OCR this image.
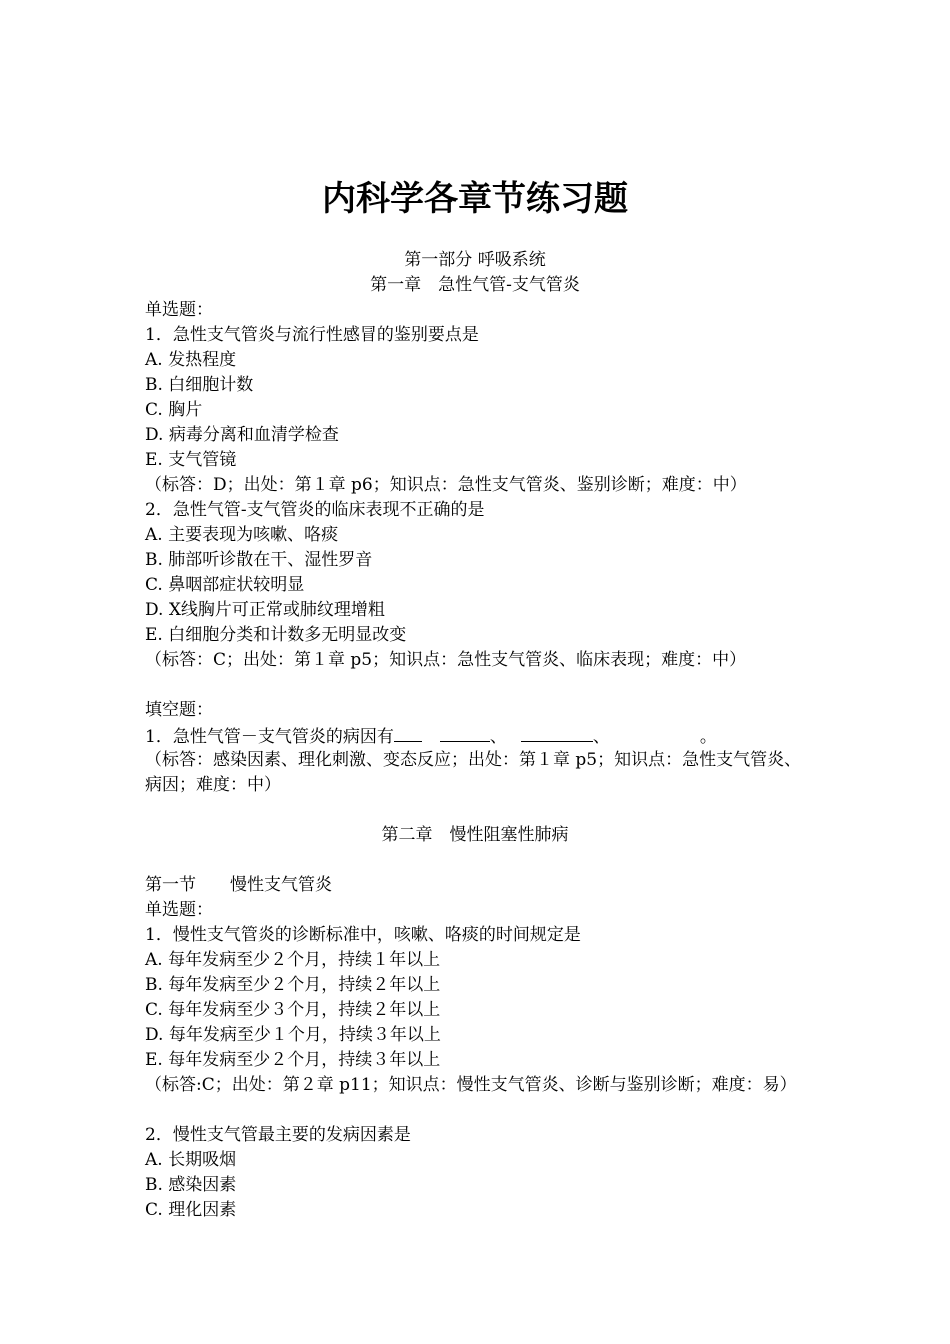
内科学各章节练习题
第一部分 呼吸系统
第一章　急性气管-支气管炎
单选题：
1．急性支气管炎与流行性感冒的鉴别要点是
A. 发热程度
B. 白细胞计数
C. 胸片
D. 病毒分离和血清学检查
E. 支气管镜
（标答：D；出处：第１章 p6；知识点：急性支气管炎、鉴别诊断；难度：中）
2．急性气管-支气管炎的临床表现不正确的是
A. 主要表现为咳嗽、咯痰
B. 肺部听诊散在干、湿性罗音
C. 鼻咽部症状较明显
D. X线胸片可正常或肺纹理增粗
E. 白细胞分类和计数多无明显改变
（标答：C；出处：第１章 p5；知识点：急性支气管炎、临床表现；难度：中）
填空题：
1．急性气管－支气管炎的病因有	、	、	。
（标答：感染因素、理化刺激、变态反应；出处：第１章 p5；知识点：急性支气管炎、病因；难度：中）
第二章　慢性阻塞性肺病
第一节　　慢性支气管炎
单选题：
1．慢性支气管炎的诊断标准中，咳嗽、咯痰的时间规定是
A. 每年发病至少２个月，持续１年以上
B. 每年发病至少２个月，持续２年以上
C. 每年发病至少３个月，持续２年以上
D. 每年发病至少１个月，持续３年以上
E. 每年发病至少２个月，持续３年以上
（标答:C；出处：第２章 p11；知识点：慢性支气管炎、诊断与鉴别诊断；难度：易）
2．慢性支气管最主要的发病因素是
A. 长期吸烟
B. 感染因素
C. 理化因素
